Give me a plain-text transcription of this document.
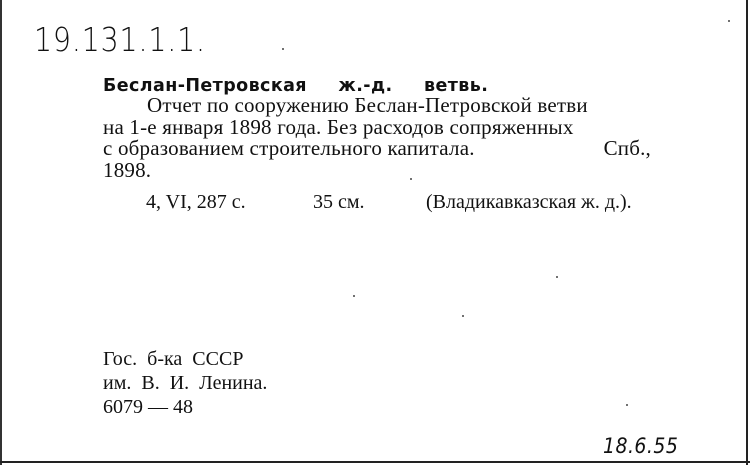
19.131.1.1.
Беслан-Петровская   ж.-д.   ветвь.
Отчет по сооружению Беслан-Петровской ветви
на 1-е января 1898 года. Без расходов сопряженных
с образованием строительного капитала.	Спб.,
1898.

4, VI, 287 с.

	35 см.

	(Владикавказская ж. д.).

Гос.  б-ка  СССР
им.  В.  И.  Ленина.
6079 — 48
18.6.55
